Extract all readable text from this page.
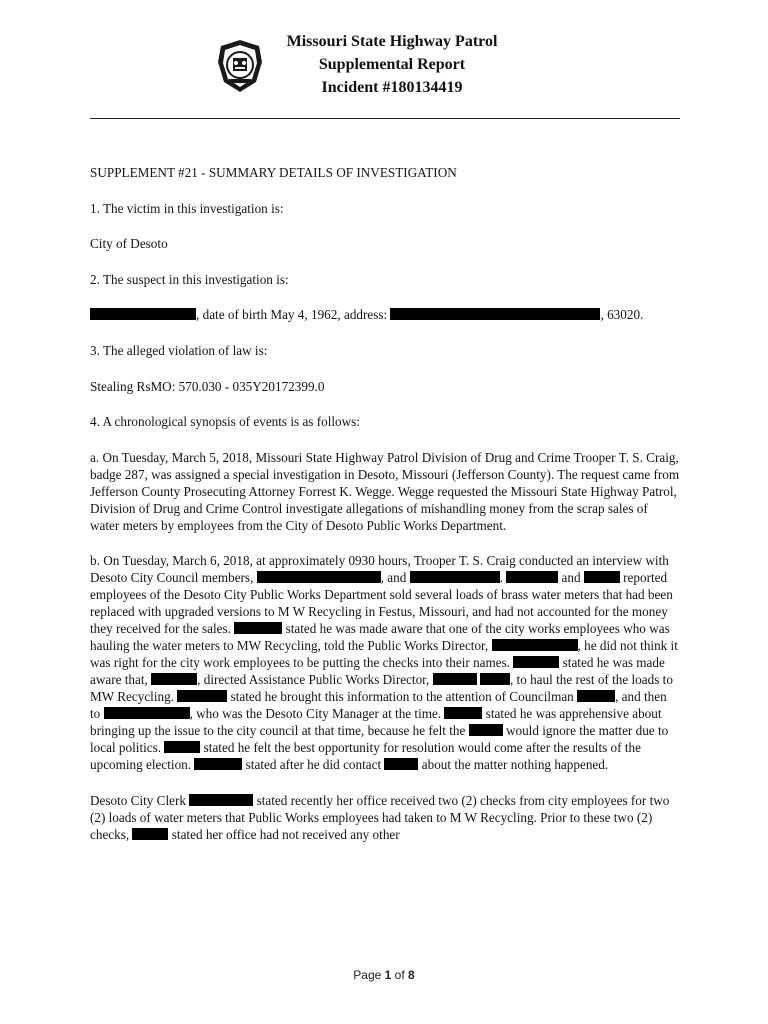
Missouri State Highway Patrol
Supplemental Report
Incident #180134419

SUPPLEMENT #21 - SUMMARY DETAILS OF INVESTIGATION

1. The victim in this investigation is:

City of Desoto

2. The suspect in this investigation is:

, date of birth May 4, 1962, address:	, 63020.

3. The alleged violation of law is:

Stealing RsMO: 570.030 - 035Y20172399.0

4. A chronological synopsis of events is as follows:

a. On Tuesday, March 5, 2018, Missouri State Highway Patrol Division of Drug and Crime Trooper T. S. Craig, badge 287, was assigned a special investigation in Desoto, Missouri (Jefferson County). The request came from Jefferson County Prosecuting Attorney Forrest K. Wegge. Wegge requested the Missouri State Highway Patrol, Division of Drug and Crime Control investigate allegations of mishandling money from the scrap sales of water meters by employees from the City of Desoto Public Works Department.

b. On Tuesday, March 6, 2018, at approximately 0930 hours, Trooper T. S. Craig conducted an interview with Desoto City Council members,	, and	.	and	reported employees of the Desoto City Public Works Department sold several loads of brass water meters that had been replaced with upgraded versions to M W Recycling in Festus, Missouri, and had not accounted for the money they received for the sales.	stated he was made aware that one of the city works employees who was hauling the water meters to MW Recycling, told the Public Works Director,	, he did not think it was right for the city work employees to be putting the checks into their names.	stated he was made aware that,	, directed Assistance Public Works Director,	, to haul the rest of the loads to MW Recycling.	stated he brought this information to the attention of Councilman	, and then to	, who was the Desoto City Manager at the time.	stated he was apprehensive about bringing up the issue to the city council at that time, because he felt the	would ignore the matter due to local politics.	stated he felt the best opportunity for resolution would come after the results of the upcoming election.	stated after he did contact	about the matter nothing happened.

Desoto City Clerk	stated recently her office received two (2) checks from city employees for two (2) loads of water meters that Public Works employees had taken to M W Recycling. Prior to these two (2) checks,	stated her office had not received any other

Page 1 of 8
